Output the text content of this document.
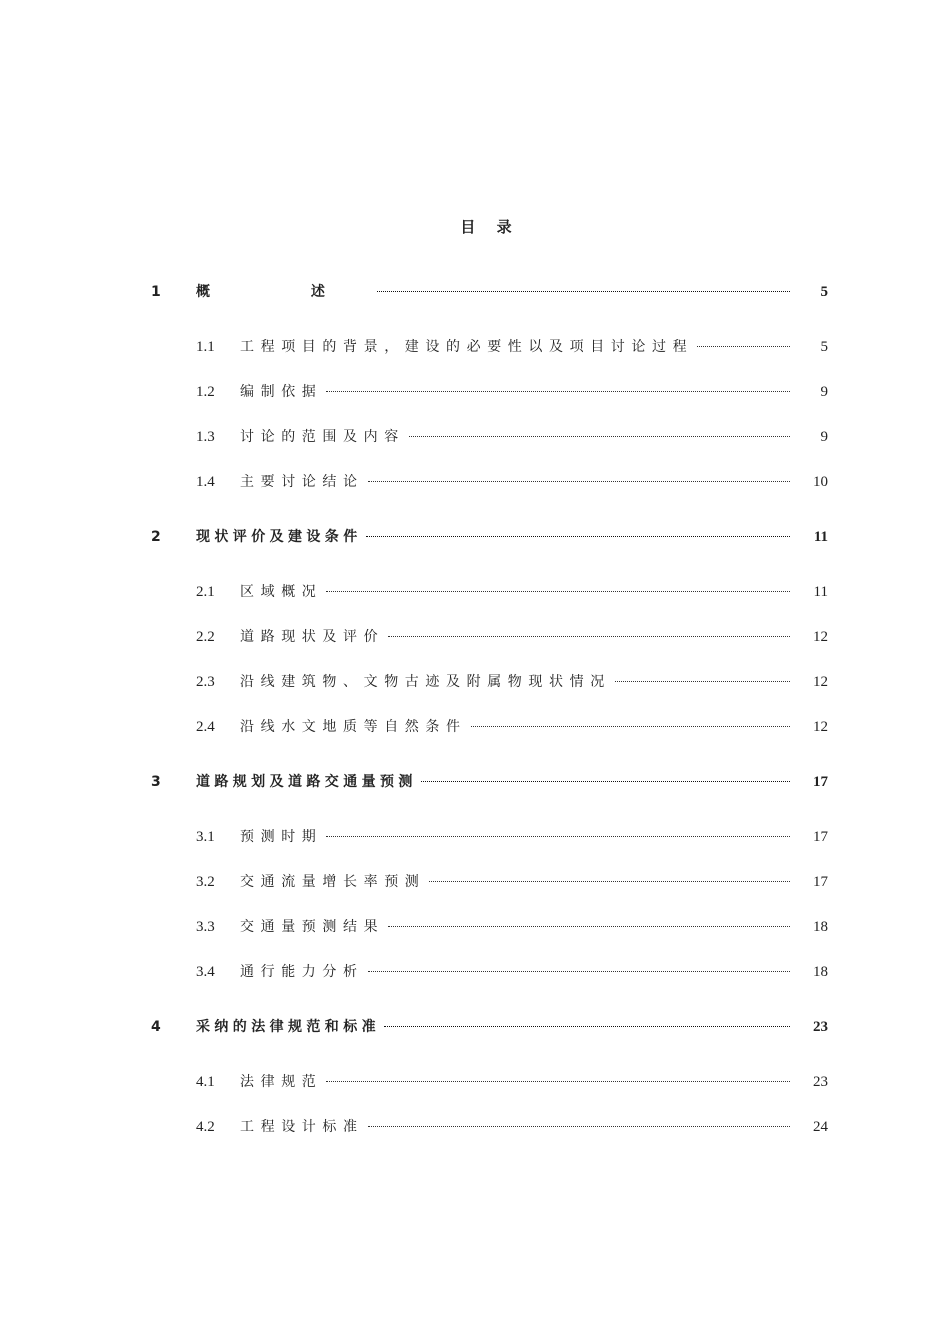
目 录
1	概 述	5
1.1 工程项目的背景，建设的必要性以及项目讨论过程	5
1.2 编制依据	9
1.3 讨论的范围及内容	9
1.4 主要讨论结论	10
2	现状评价及建设条件	11
2.1 区域概况	11
2.2 道路现状及评价	12
2.3 沿线建筑物、文物古迹及附属物现状情况	12
2.4 沿线水文地质等自然条件	12
3	道路规划及道路交通量预测	17
3.1 预测时期	17
3.2 交通流量增长率预测	17
3.3 交通量预测结果	18
3.4 通行能力分析	18
4	采纳的法律规范和标准	23
4.1 法律规范	23
4.2 工程设计标准	24
